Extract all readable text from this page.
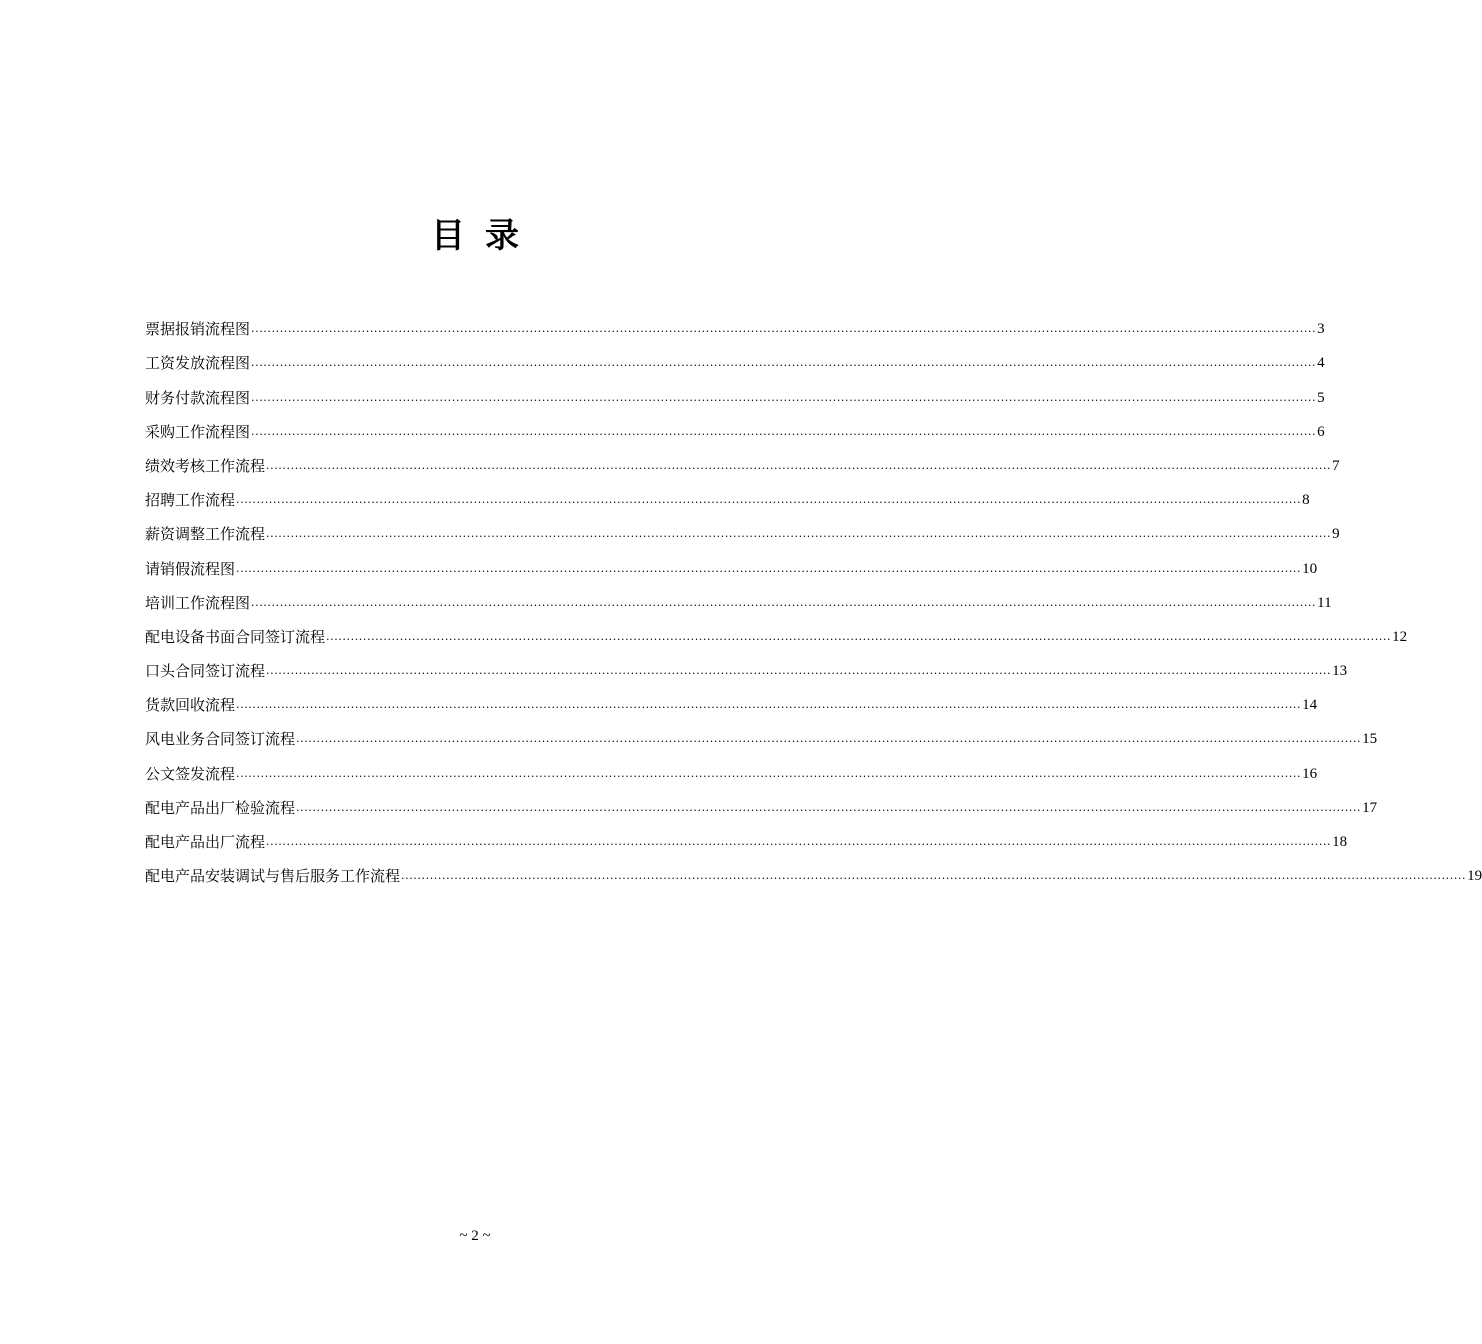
目录
票据报销流程图 .................................................................................................................................................................................................................................................................... 3
工资发放流程图 .................................................................................................................................................................................................................................................................... 4
财务付款流程图 .................................................................................................................................................................................................................................................................... 5
采购工作流程图 .................................................................................................................................................................................................................................................................... 6
绩效考核工作流程 .................................................................................................................................................................................................................................................................... 7
招聘工作流程 .................................................................................................................................................................................................................................................................... 8
薪资调整工作流程 .................................................................................................................................................................................................................................................................... 9
请销假流程图 .................................................................................................................................................................................................................................................................... 10
培训工作流程图 .................................................................................................................................................................................................................................................................... 11
配电设备书面合同签订流程 .................................................................................................................................................................................................................................................................... 12
口头合同签订流程 .................................................................................................................................................................................................................................................................... 13
货款回收流程 .................................................................................................................................................................................................................................................................... 14
风电业务合同签订流程 .................................................................................................................................................................................................................................................................... 15
公文签发流程 .................................................................................................................................................................................................................................................................... 16
配电产品出厂检验流程 .................................................................................................................................................................................................................................................................... 17
配电产品出厂流程 .................................................................................................................................................................................................................................................................... 18
配电产品安装调试与售后服务工作流程 .................................................................................................................................................................................................................................................................... 19
~ 2 ~
